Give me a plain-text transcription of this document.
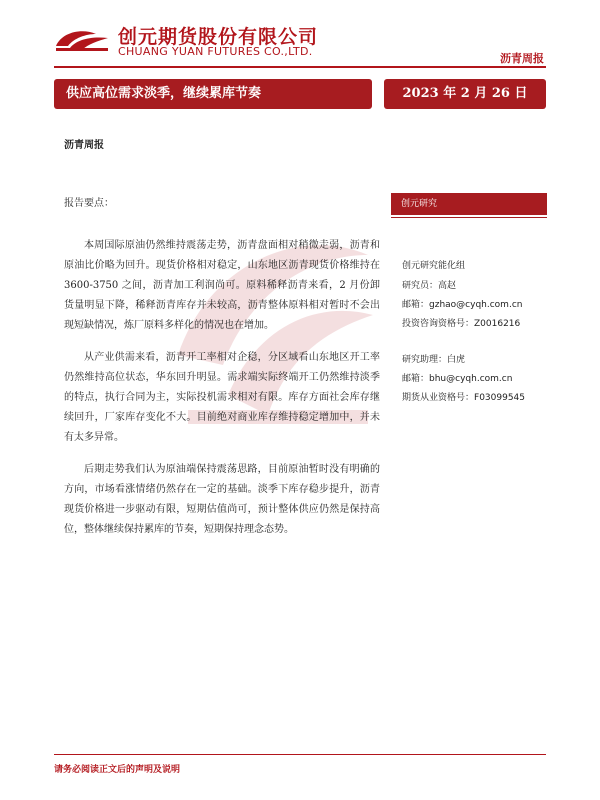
创元期货股份有限公司
CHUANG YUAN FUTURES CO.,LTD.
沥青周报
供应高位需求淡季，继续累库节奏	2023 年 2 月 26 日
沥青周报
报告要点：

本周国际原油仍然维持震荡走势，沥青盘面相对稍微走弱，沥青和原油比价略为回升。现货价格相对稳定，山东地区沥青现货价格维持在 3600-3750 之间，沥青加工利润尚可。原料稀释沥青来看，2 月份卸货量明显下降，稀释沥青库存并未较高，沥青整体原料相对暂时不会出现短缺情况，炼厂原料多样化的情况也在增加。

从产业供需来看，沥青开工率相对企稳，分区域看山东地区开工率仍然维持高位状态，华东回升明显。需求端实际终端开工仍然维持淡季的特点，执行合同为主，实际投机需求相对有限。库存方面社会库存继续回升，厂家库存变化不大。目前绝对商业库存维持稳定增加中，并未有太多异常。

后期走势我们认为原油端保持震荡思路，目前原油暂时没有明确的方向，市场看涨情绪仍然存在一定的基础。淡季下库存稳步提升，沥青现货价格进一步驱动有限，短期估值尚可，预计整体供应仍然是保持高位，整体继续保持累库的节奏，短期保持理念态势。

创元研究
创元研究能化组
研究员：高赵
邮箱：gzhao@cyqh.com.cn
投资咨询资格号：Z0016216
研究助理：白虎
邮箱：bhu@cyqh.com.cn
期货从业资格号：F03099545
请务必阅读正文后的声明及说明
